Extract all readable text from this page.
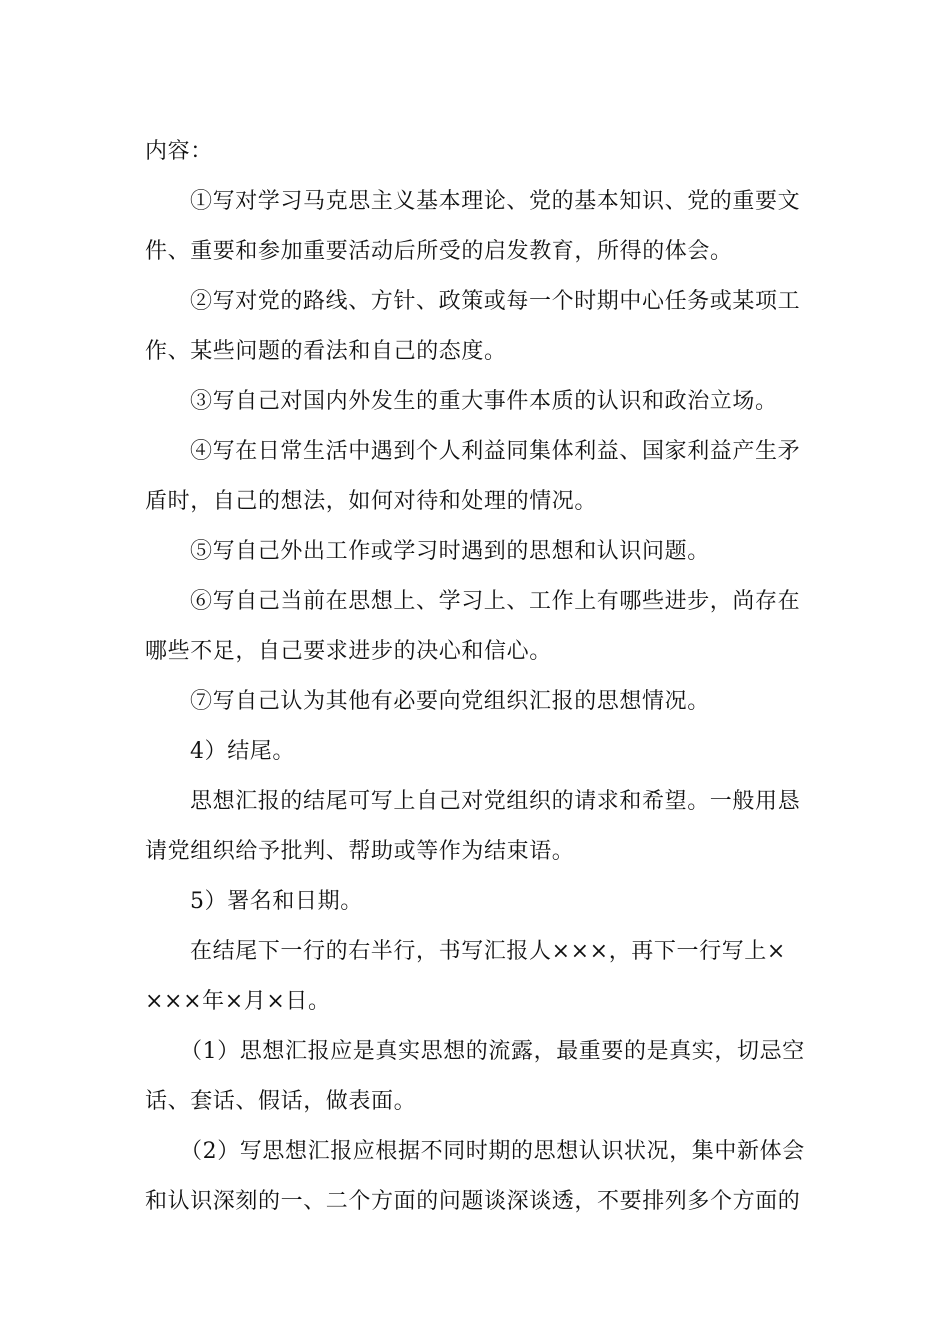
内容：
①写对学习马克思主义基本理论、党的基本知识、党的重要文
件、重要和参加重要活动后所受的启发教育，所得的体会。
②写对党的路线、方针、政策或每一个时期中心任务或某项工
作、某些问题的看法和自己的态度。
③写自己对国内外发生的重大事件本质的认识和政治立场。
④写在日常生活中遇到个人利益同集体利益、国家利益产生矛
盾时，自己的想法，如何对待和处理的情况。
⑤写自己外出工作或学习时遇到的思想和认识问题。
⑥写自己当前在思想上、学习上、工作上有哪些进步，尚存在
哪些不足，自己要求进步的决心和信心。
⑦写自己认为其他有必要向党组织汇报的思想情况。
4）结尾。
思想汇报的结尾可写上自己对党组织的请求和希望。一般用恳
请党组织给予批判、帮助或等作为结束语。
5）署名和日期。
在结尾下一行的右半行，书写汇报人×××，再下一行写上×
×××年×月×日。
（1）思想汇报应是真实思想的流露，最重要的是真实，切忌空
话、套话、假话，做表面。
（2）写思想汇报应根据不同时期的思想认识状况，集中新体会
和认识深刻的一、二个方面的问题谈深谈透，不要排列多个方面的
